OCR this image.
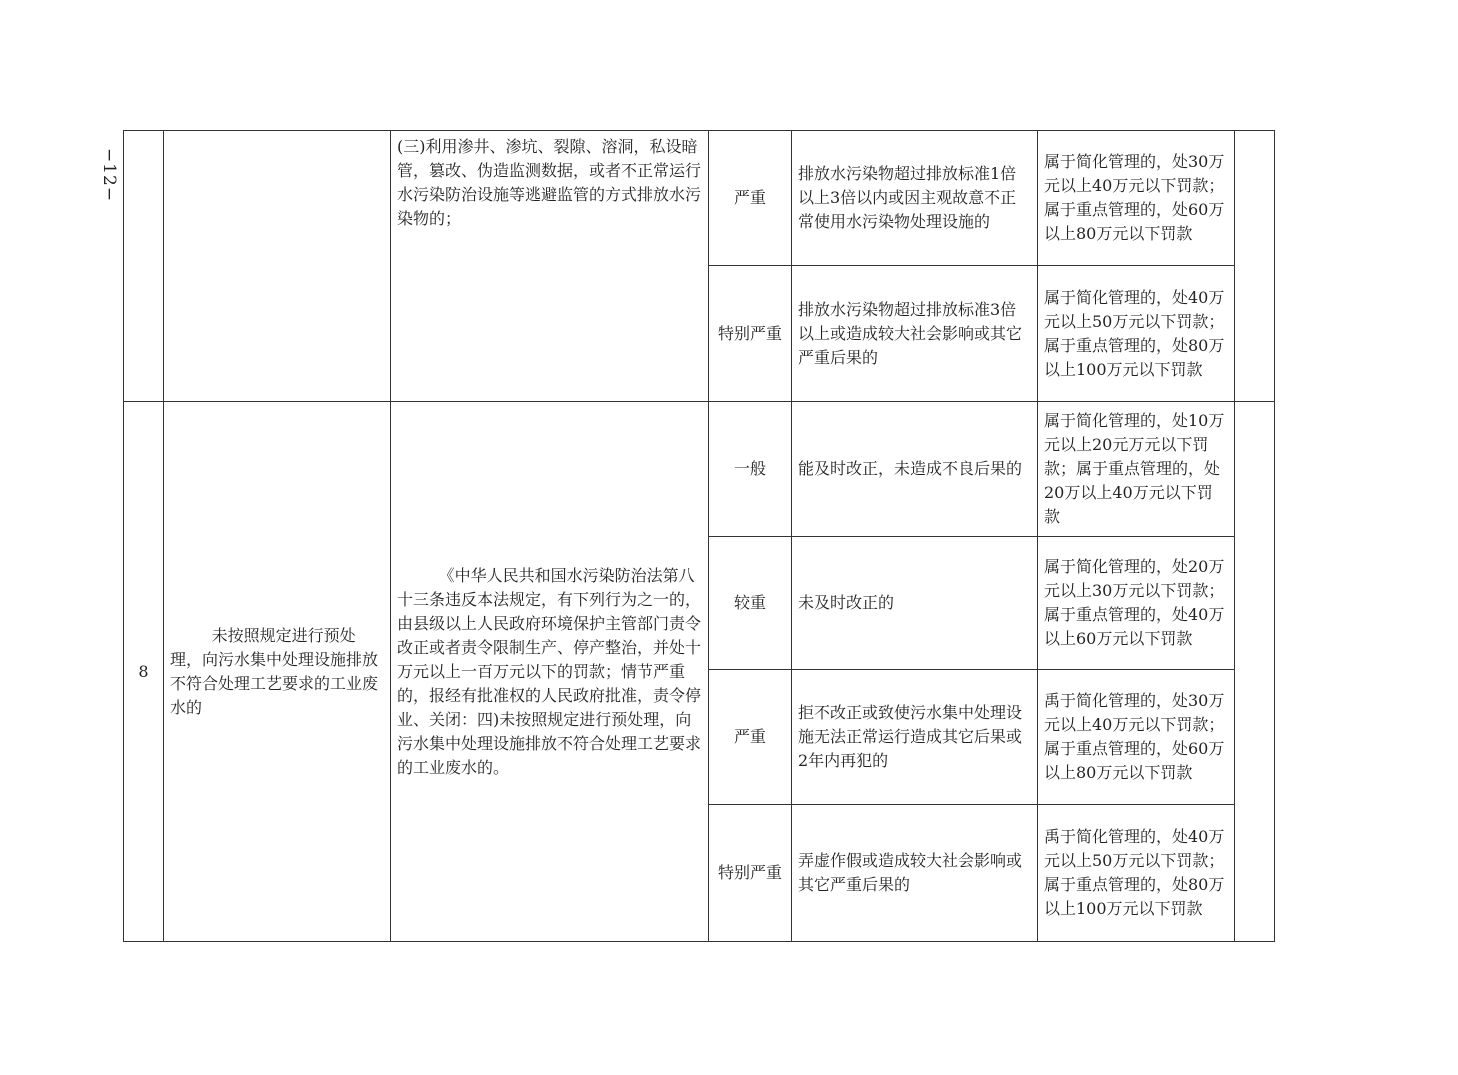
−12−
		(三)利用渗井、渗坑、裂隙、溶洞，私设暗管，篡改、伪造监测数据，或者不正常运行水污染防治设施等逃避监管的方式排放水污染物的；	严重	排放水污染物超过排放标准1倍以上3倍以内或因主观故意不正常使用水污染物处理设施的	属于简化管理的，处30万元以上40万元以下罚款；属于重点管理的，处60万以上80万元以下罚款	
			特别严重	排放水污染物超过排放标准3倍以上或造成较大社会影响或其它严重后果的	属于简化管理的，处40万元以上50万元以下罚款；属于重点管理的，处80万以上100万元以下罚款	
8	未按照规定进行预处理，向污水集中处理设施排放不符合处理工艺要求的工业废水的	《中华人民共和国水污染防治法第八十三条违反本法规定，有下列行为之一的，由县级以上人民政府环境保护主管部门责令改正或者责令限制生产、停产整治，并处十万元以上一百万元以下的罚款；情节严重的，报经有批准权的人民政府批准，责令停业、关闭：四)未按照规定进行预处理，向污水集中处理设施排放不符合处理工艺要求的工业废水的。	一般	能及时改正，未造成不良后果的	属于简化管理的，处10万元以上20元万元以下罚款；属于重点管理的，处20万以上40万元以下罚款	
			较重	未及时改正的	属于简化管理的，处20万元以上30万元以下罚款；属于重点管理的，处40万以上60万元以下罚款	
			严重	拒不改正或致使污水集中处理设施无法正常运行造成其它后果或2年内再犯的	禹于简化管理的，处30万元以上40万元以下罚款；属于重点管理的，处60万以上80万元以下罚款	
			特别严重	弄虚作假或造成较大社会影响或其它严重后果的	禹于简化管理的，处40万元以上50万元以下罚款；属于重点管理的，处80万以上100万元以下罚款	
